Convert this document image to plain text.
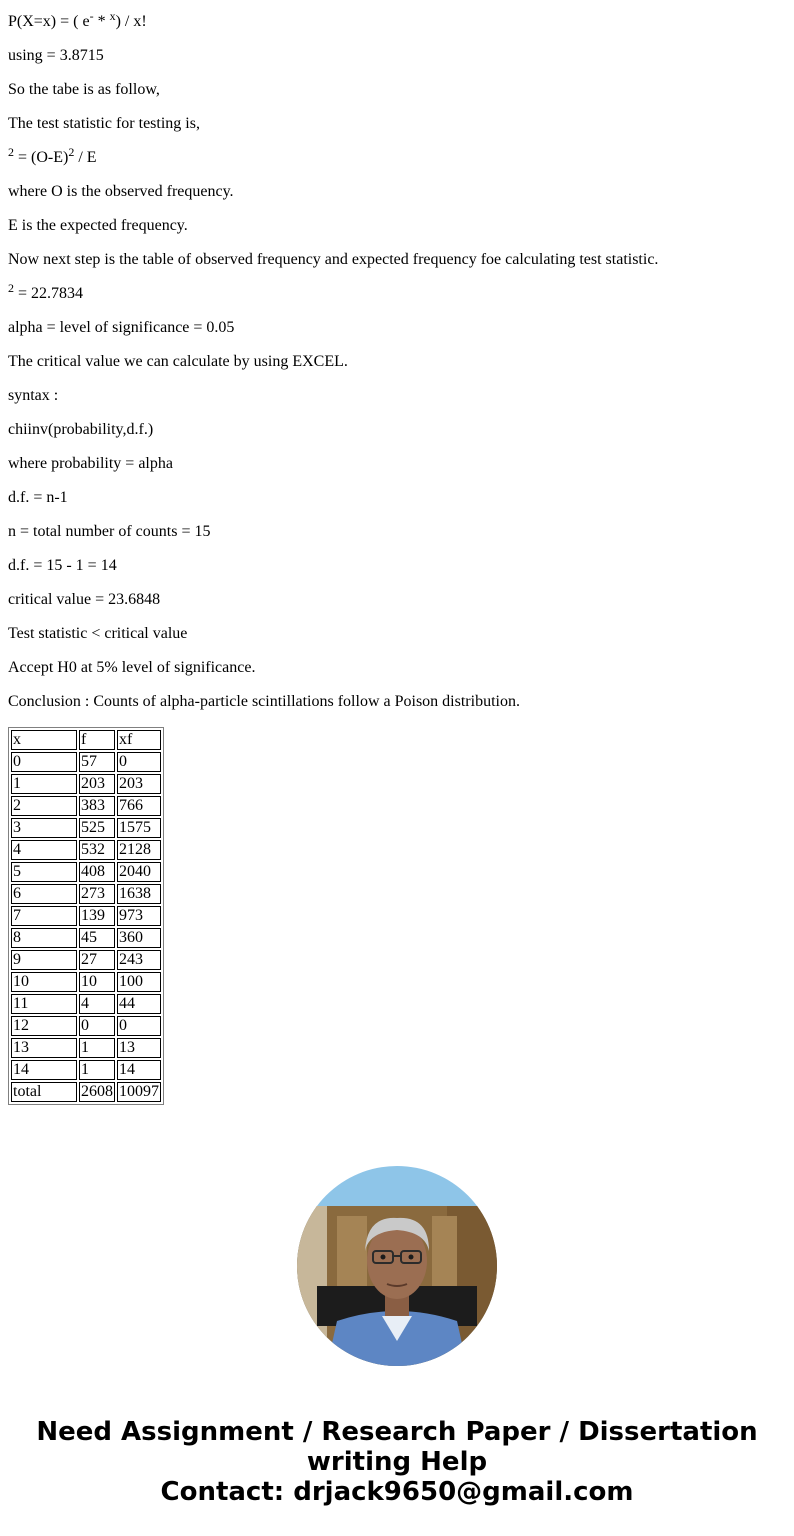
P(X=x) = ( e- * $^x$) / x!

using = 3.8715

So the tabe is as follow,

The test statistic for testing is,

$^2 = (O-E)^2 / E$

where O is the observed frequency.

E is the expected frequency.

Now next step is the table of observed frequency and expected frequency foe calculating test statistic.

$^2$ = 22.7834

alpha = level of significance = 0.05

The critical value we can calculate by using EXCEL.

syntax :

chiinv(probability,d.f.)

where probability = alpha

d.f. = n-1

n = total number of counts = 15

d.f. = 15 - 1 = 14

critical value = 23.6848

Test statistic < critical value

Accept H0 at 5% level of significance.

Conclusion : Counts of alpha-particle scintillations follow a Poison distribution.

x	f	xf
0	57	0
1	203	203
2	383	766
3	525	1575
4	532	2128
5	408	2040
6	273	1638
7	139	973
8	45	360
9	27	243
10	10	100
11	4	44
12	0	0
13	1	13
14	1	14
total	2608	10097
Need Assignment / Research Paper / Dissertation
writing Help
Contact: drjack9650@gmail.com
